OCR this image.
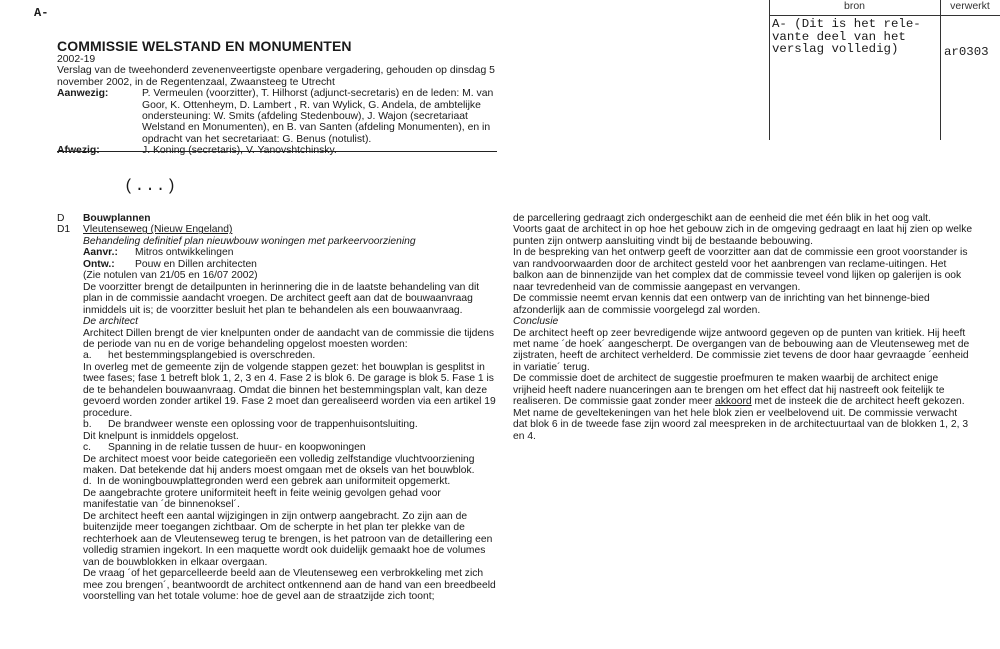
A-	bron	verwerkt
A- (Dit is het rele-
vante deel van het
verslag volledig)	ar0303
COMMISSIE WELSTAND EN MONUMENTEN
2002-19
Verslag van de tweehonderd zevenenveertigste openbare vergadering, gehouden op dinsdag 5 november 2002, in de Regentenzaal, Zwaansteeg te Utrecht
Aanwezig:	P. Vermeulen (voorzitter), T. Hilhorst (adjunct-secretaris) en de leden: M. van Goor, K. Ottenheym, D. Lambert , R. van Wylick, G. Andela, de ambtelijke ondersteuning: W. Smits (afdeling Stedenbouw), J. Wajon (secretariaat Welstand en Monumenten), en B. van Santen (afdeling Monumenten), en in opdracht van het secretariaat: G. Benus (notulist).
Afwezig:	J. Koning (secretaris), V. Yanovshtchinsky.
(...)
D	Bouwplannen
D1	Vleutenseweg (Nieuw Engeland)
Behandeling definitief plan nieuwbouw woningen met parkeervoorziening
Aanvr.:	Mitros ontwikkelingen
Ontw.:	Pouw en Dillen architecten

(Zie notulen van 21/05 en 16/07 2002)

De voorzitter brengt de detailpunten in herinnering die in de laatste behandeling van dit plan in de commissie aandacht vroegen. De architect geeft aan dat de bouwaanvraag inmiddels uit is; de voorzitter besluit het plan te behandelen als een bouwaanvraag.

De architect

Architect Dillen brengt de vier knelpunten onder de aandacht van de commissie die tijdens de periode van nu en de vorige behandeling opgelost moesten worden:

a.	het bestemmingsplangebied is overschreden.

In overleg met de gemeente zijn de volgende stappen gezet: het bouwplan is gesplitst in twee fases; fase 1 betreft blok 1, 2, 3 en 4. Fase 2 is blok 6. De garage is blok 5. Fase 1 is de te behandelen bouwaanvraag. Omdat die binnen het bestemmingsplan valt, kan deze gevoerd worden zonder artikel 19. Fase 2 moet dan gerealiseerd worden via een artikel 19 procedure.

b.	De brandweer wenste een oplossing voor de trappenhuisontsluiting.

Dit knelpunt is inmiddels opgelost.

c.	Spanning in de relatie tussen de huur- en koopwoningen

De architect moest voor beide categorieën een volledig zelfstandige vluchtvoorziening maken. Dat betekende dat hij anders moest omgaan met de oksels van het bouwblok.

d. In de woningbouwplattegronden werd een gebrek aan uniformiteit opgemerkt.

De aangebrachte grotere uniformiteit heeft in feite weinig gevolgen gehad voor manifestatie van ´de binnenoksel´.

De architect heeft een aantal wijzigingen in zijn ontwerp aangebracht. Zo zijn aan de buitenzijde meer toegangen zichtbaar. Om de scherpte in het plan ter plekke van de rechterhoek aan de Vleutenseweg terug te brengen, is het patroon van de detaillering een volledig stramien ingekort. In een maquette wordt ook duidelijk gemaakt hoe de volumes van de bouwblokken in elkaar overgaan.

De vraag ´of het geparcelleerde beeld aan de Vleutenseweg een verbrokkeling met zich mee zou brengen´, beantwoordt de architect ontkennend aan de hand van een breedbeeld voorstelling van het totale volume: hoe de gevel aan de straatzijde zich toont;

de parcellering gedraagt zich ondergeschikt aan de eenheid die met één blik in het oog valt.

Voorts gaat de architect in op hoe het gebouw zich in de omgeving gedraagt en laat hij zien op welke punten zijn ontwerp aansluiting vindt bij de bestaande bebouwing.

In de bespreking van het ontwerp geeft de voorzitter aan dat de commissie een groot voorstander is van randvoorwaarden door de architect gesteld voor het aanbrengen van reclame-uitingen. Het balkon aan de binnenzijde van het complex dat de commissie teveel vond lijken op galerijen is ook naar tevredenheid van de commissie aangepast en vervangen.

De commissie neemt ervan kennis dat een ontwerp van de inrichting van het binnenge-bied afzonderlijk aan de commissie voorgelegd zal worden.

Conclusie

De architect heeft op zeer bevredigende wijze antwoord gegeven op de punten van kritiek. Hij heeft met name ´de hoek´ aangescherpt. De overgangen van de bebouwing aan de Vleutenseweg met de zijstraten, heeft de architect verhelderd. De commissie ziet tevens de door haar gevraagde ´eenheid in variatie´ terug.

De commissie doet de architect de suggestie proefmuren te maken waarbij de architect enige vrijheid heeft nadere nuanceringen aan te brengen om het effect dat hij nastreeft ook feitelijk te realiseren. De commissie gaat zonder meer akkoord met de insteek die de architect heeft gekozen. Met name de geveltekeningen van het hele blok zien er veelbelovend uit. De commissie verwacht dat blok 6 in de tweede fase zijn woord zal meespreken in de architectuurtaal van de blokken 1, 2, 3 en 4.
